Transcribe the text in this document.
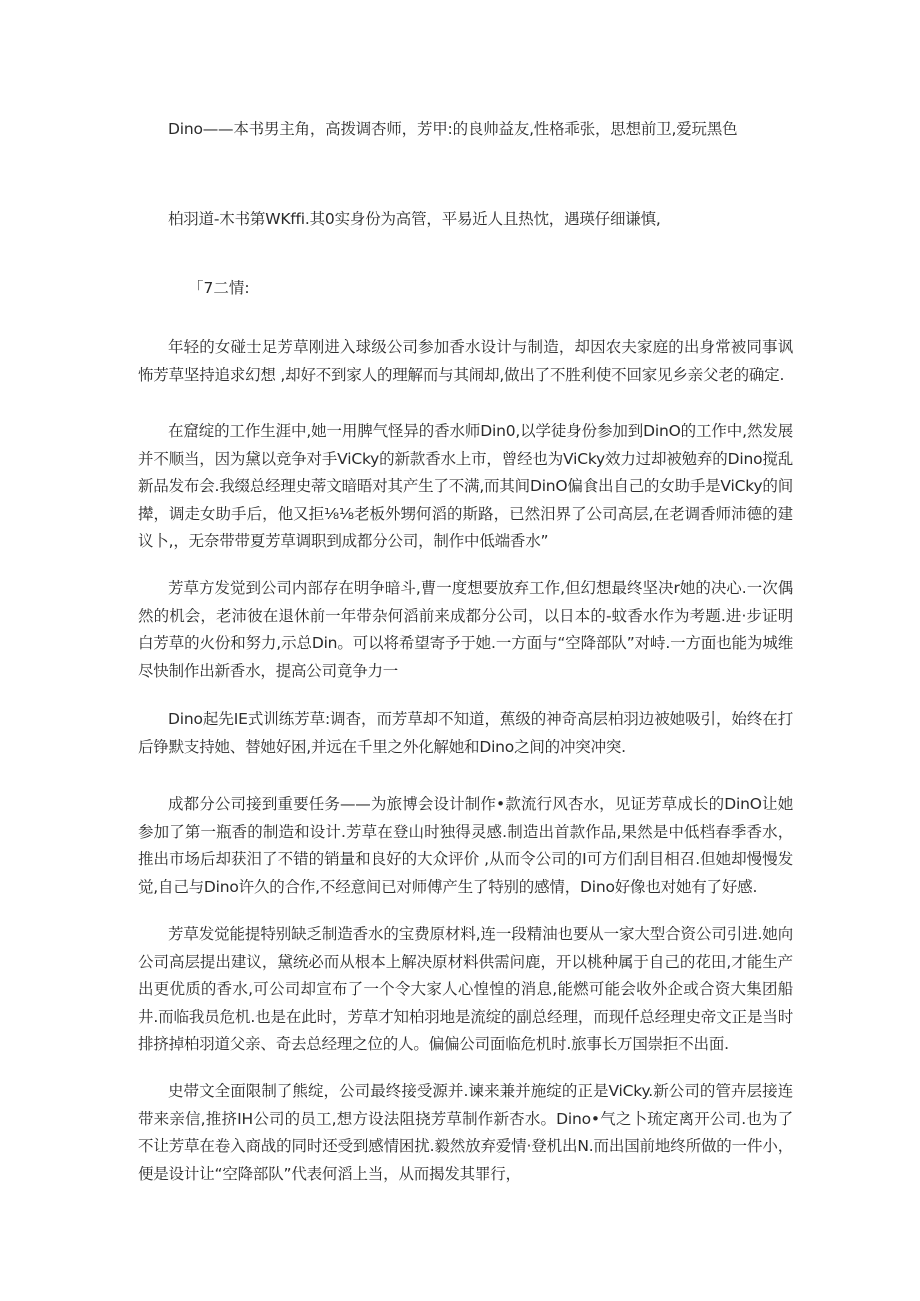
Dino——本书男主角，高拨调杏师，芳甲:的良帅益友,性格乖张，思想前卫,爱玩黑色

柏羽道-木书第WKffi.其0实身份为高管，平易近人且热忱，遇瑛仔细谦慎,

「7二情:

年轻的女碰士足芳草刚进入球级公司参加香水设计与制造，却因农夫家庭的出身常被同事讽怖芳草坚持追求幻想 ,却好不到家人的理解而与其闹却,做出了不胜利使不回家见乡亲父老的确定.

在窟绽的工作生涯中,她一用脾气怪异的香水师Din0,以学徒身份参加到DinO的工作中,然发展并不顺当，因为黛以竞争对手ViCky的新款香水上市，曾经也为ViCky效力过却被勉弃的Dino搅乱新品发布会.我缀总经理史蒂文暗晤对其产生了不满,而其间DinO偏食出自己的女助手是ViCky的间撵，调走女助手后，他又拒⅛⅛老板外甥何滔的斯路，已然汨界了公司高层,在老调香师沛德的建议卜,，无奈带带夏芳草调职到成都分公司，制作中低端香水”

芳草方发觉到公司内部存在明争暗斗,曹一度想要放弃工作,但幻想最终坚决r她的决心.一次偶然的机会，老沛彼在退休前一年带杂何滔前来成都分公司，以日本的-蚊香水作为考题.进·步证明白芳草的火份和努力,示总Din。可以将希望寄予于她.一方面与“空降部队”对峙.一方面也能为城维尽快制作出新香水，提高公司竟争力一

Dino起先IE式训练芳草:调杳，而芳草却不知道，蕉级的神奇高层柏羽边被她吸引，始终在打后铮默支持她、替她好困,并远在千里之外化解她和Dino之间的冲突冲突.

成都分公司接到重要任务——为旅博会设计制作•款流行风杏水，见证芳草成长的DinO让她参加了第一瓶香的制造和设计.芳草在登山时独得灵感.制造出首款作品,果然是中低档春季香水，推出市场后却获汨了不错的销量和良好的大众评价 ,从而令公司的I可方们刮目相召.但她却慢慢发觉,自己与Dino许久的合作,不经意间已对师傅产生了特别的感情，Dino好像也对她有了好感.

芳草发觉能提特别缺乏制造香水的宝费原材料,连一段精油也要从一家大型合资公司引进.她向公司高层提出建议，黛统必而从根本上解决原材料供需问鹿，开以桃种属于自己的花田,才能生产出更优质的香水,可公司却宣布了一个令大家人心惶惶的消息,能燃可能会收外企或合资大集团船井.而临我员危机.也是在此时，芳草才知柏羽地是流绽的副总经理，而现仟总经理史帝文正是当时排挤掉柏羽道父亲、奇去总经理之位的人。偏偏公司面临危机时.旅事长万国崇拒不出面.

史帯文全面限制了熊绽，公司最终接受源并.谏来兼并施绽的正是ViCky.新公司的管卉层接连带来亲信,推挤IH公司的员工,想方设法阻挠芳草制作新杏水。Dino•气之卜琉定离开公司.也为了不让芳草在卷入商战的同时还受到感情困扰.毅然放弃爱情·登机出N.而出国前地终所做的一件小，便是设计让“空降部队”代表何滔上当，从而揭发其罪行，
